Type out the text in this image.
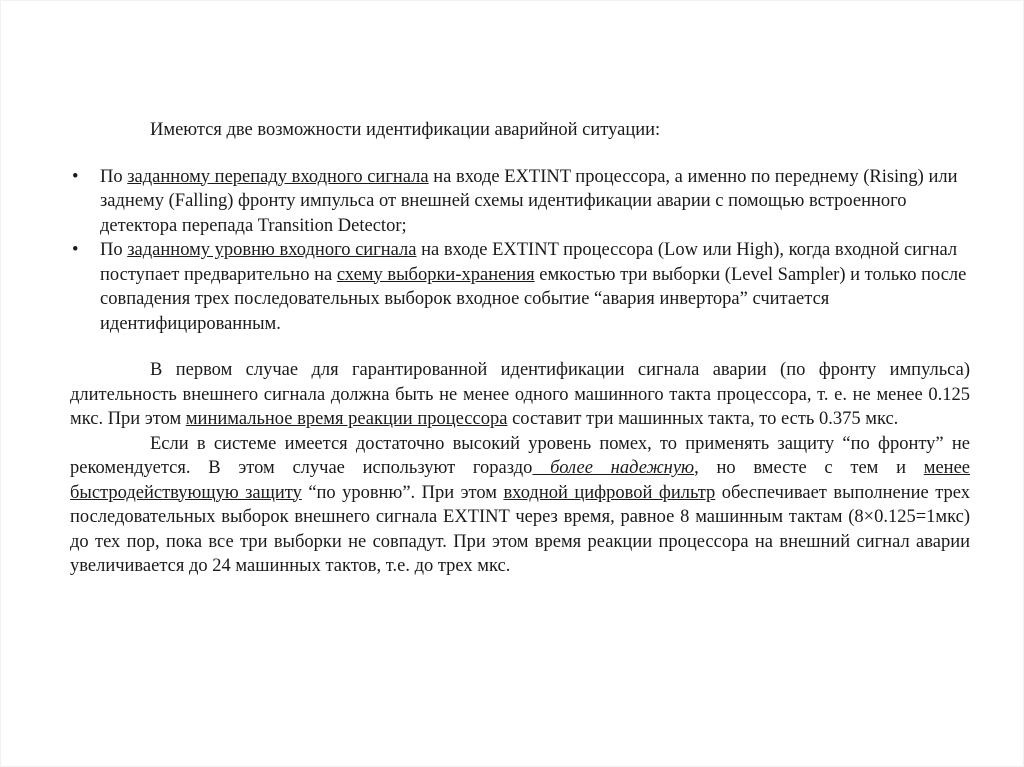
Имеются две возможности идентификации аварийной ситуации:

• По заданному перепаду входного сигнала на входе EXTINT процессора, а именно по переднему (Rising) или заднему (Falling) фронту импульса от внешней схемы идентификации аварии с помощью встроенного детектора перепада Transition Detector;
• По заданному уровню входного сигнала на входе EXTINT процессора (Low или High), когда входной сигнал поступает предварительно на схему выборки-хранения емкостью три выборки (Level Sampler) и только после совпадения трех последовательных выборок входное событие “авария инвертора” считается идентифицированным.

В первом случае для гарантированной идентификации сигнала аварии (по фронту импульса) длительность внешнего сигнала должна быть не менее одного машинного такта процессора, т. е. не менее 0.125 мкс. При этом минимальное время реакции процессора составит три машинных такта, то есть 0.375 мкс.

Если в системе имеется достаточно высокий уровень помех, то применять защиту “по фронту” не рекомендуется. В этом случае используют гораздо более надежную, но вместе с тем и менее быстродействующую защиту “по уровню”. При этом входной цифровой фильтр обеспечивает выполнение трех последовательных выборок внешнего сигнала EXTINT через время, равное 8 машинным тактам (8×0.125=1мкс) до тех пор, пока все три выборки не совпадут. При этом время реакции процессора на внешний сигнал аварии увеличивается до 24 машинных тактов, т.е. до трех мкс.
